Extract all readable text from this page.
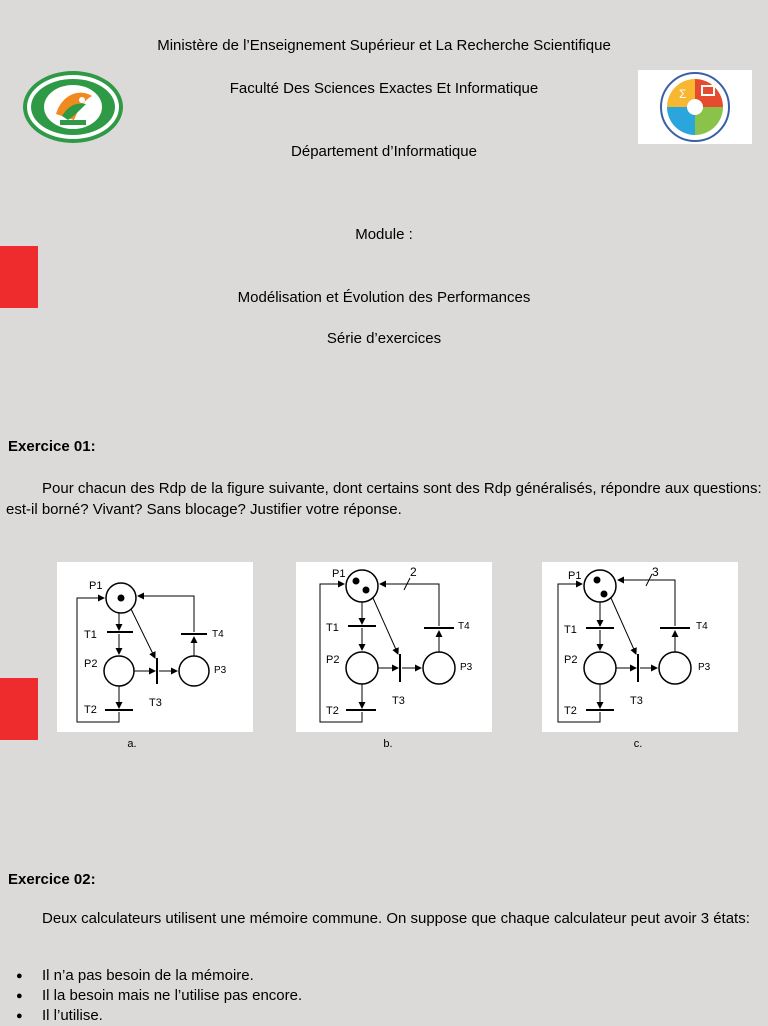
Ministère de l’Enseignement Supérieur et La Recherche Scientifique
Faculté Des Sciences Exactes Et Informatique
Département d’Informatique
Module :
Modélisation et Évolution des Performances
Série d’exercices
Σ
Exercice 01:
Pour chacun des Rdp de la figure suivante, dont certains sont des Rdp généralisés, répondre aux questions: est-il borné? Vivant? Sans blocage? Justifier votre réponse.
P1
T1
P2
T2
T3
T4
P3
a.
2
P1
T1
P2
T2
T3
T4
P3
b.
3
P1
T1
P2
T2
T3
T4
P3
c.
Exercice 02:
Deux calculateurs utilisent une mémoire commune. On suppose que chaque calculateur peut avoir 3 états:
● Il n’a pas besoin de la mémoire.
● Il la besoin mais ne l’utilise pas encore.
● Il l’utilise.
